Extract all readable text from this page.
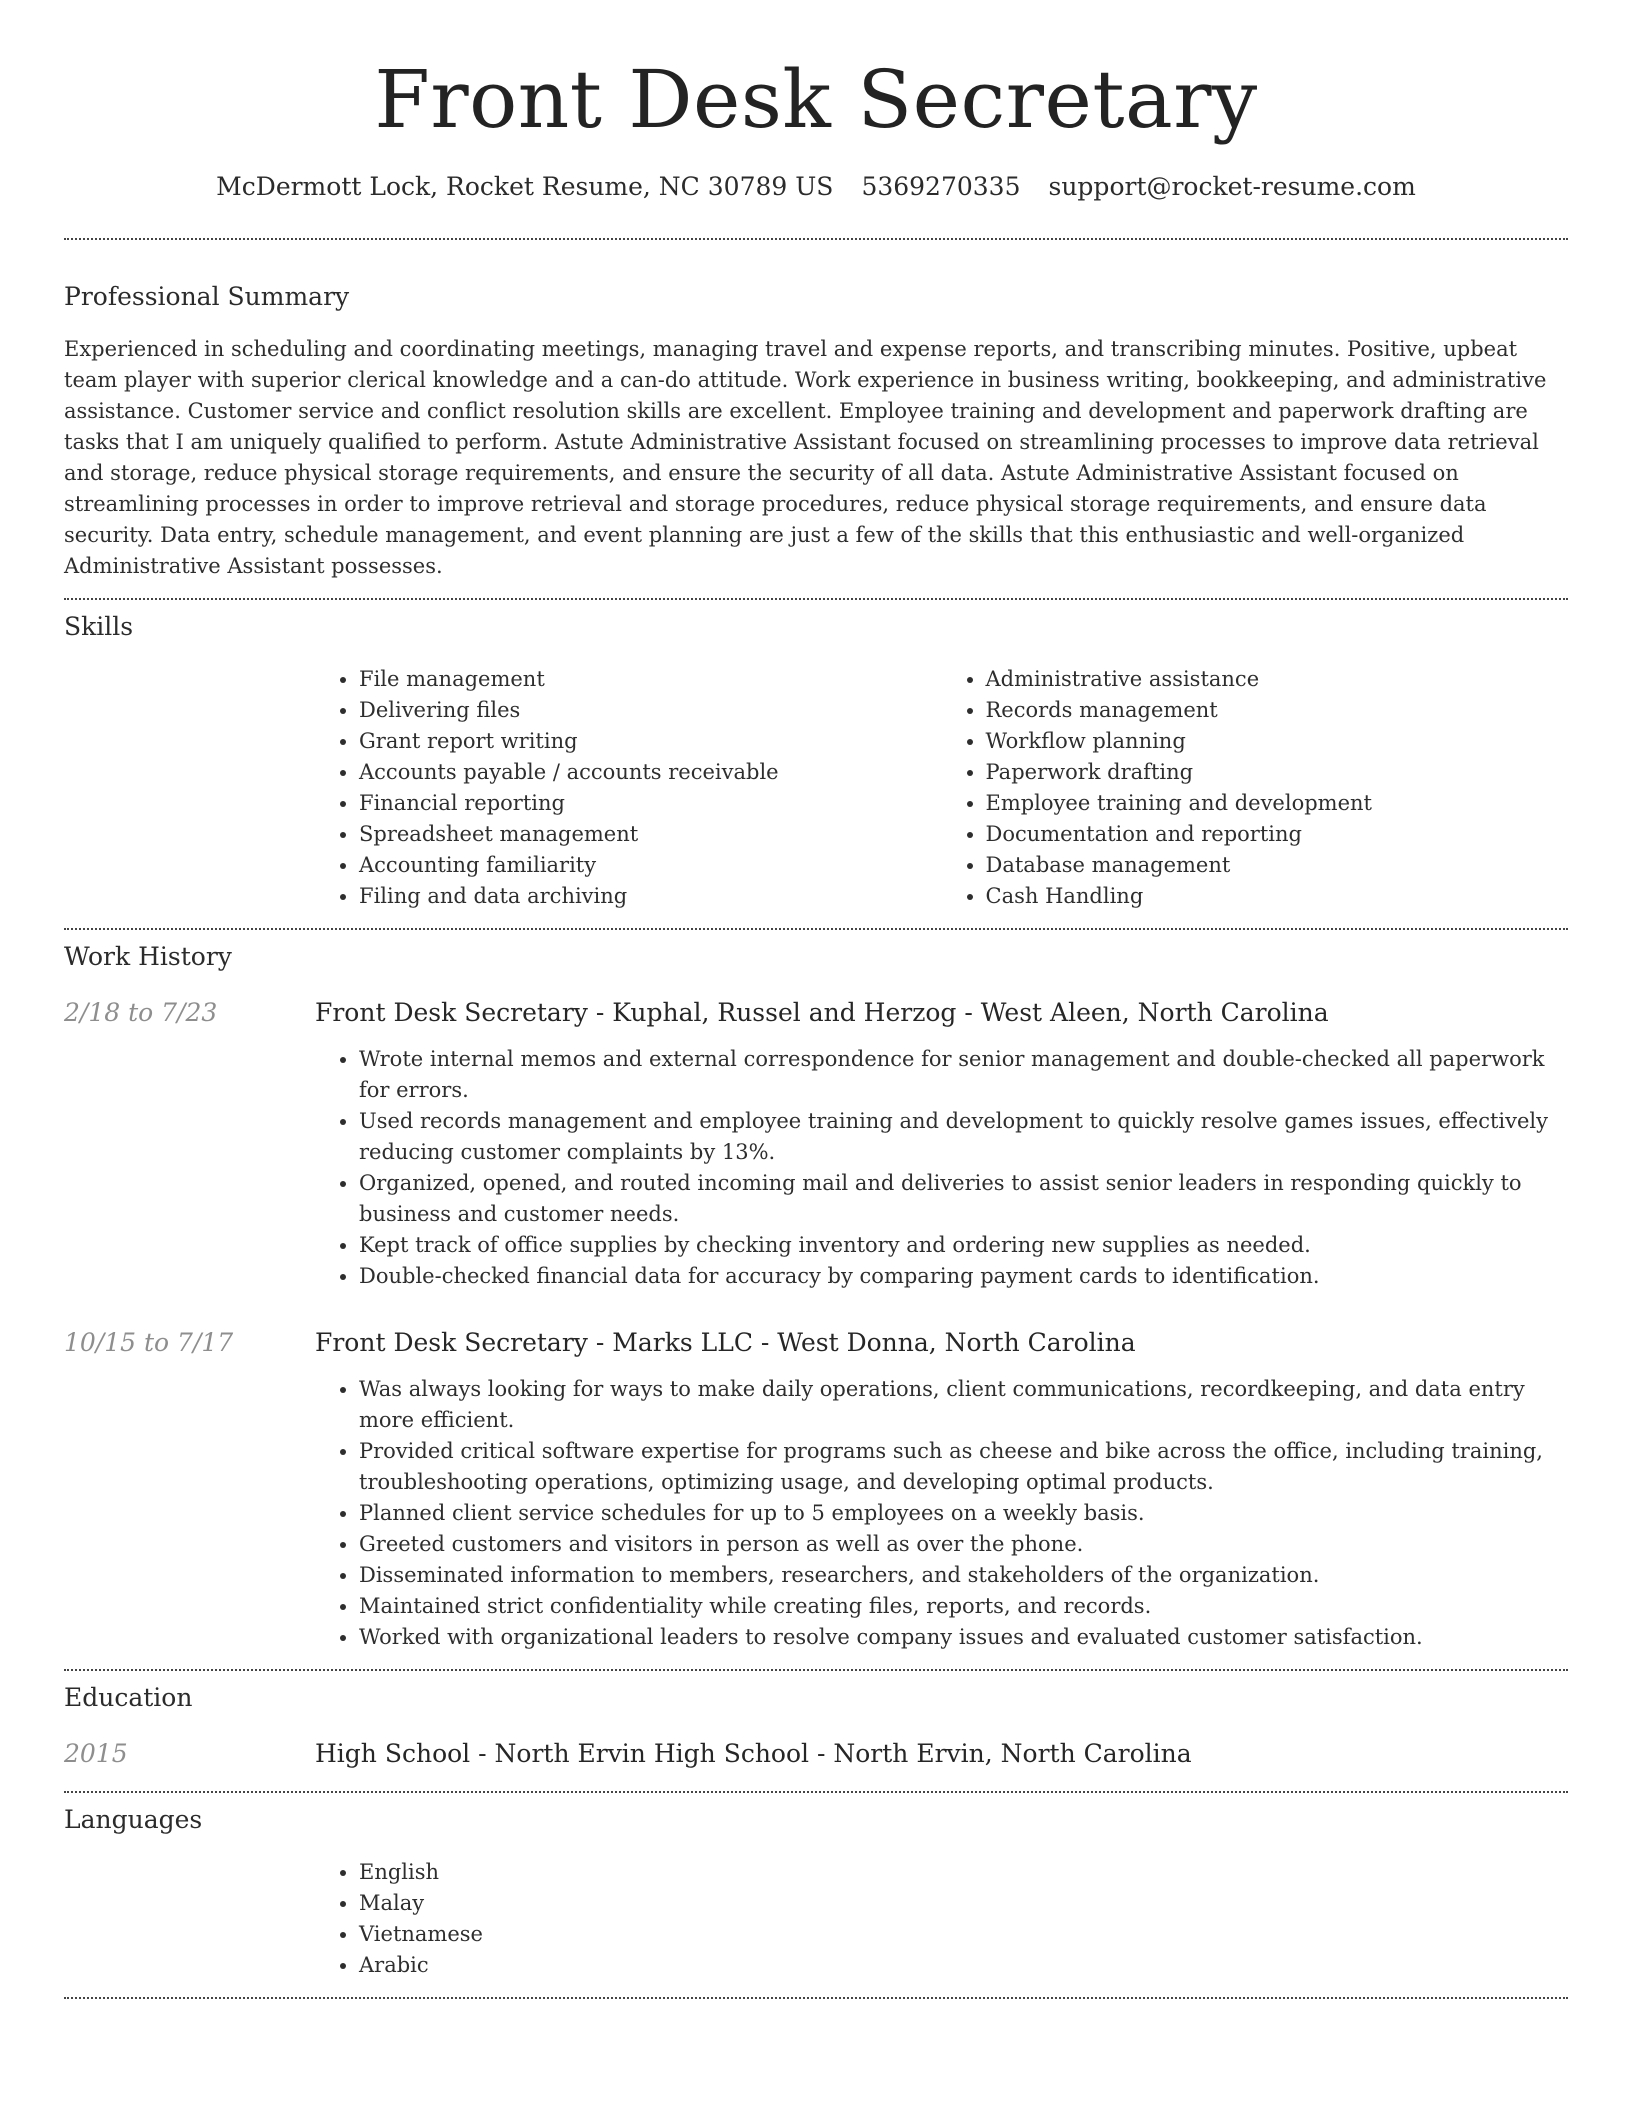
Front Desk Secretary
McDermott Lock, Rocket Resume, NC 30789 US 5369270335 support@rocket-resume.com
Professional Summary

Experienced in scheduling and coordinating meetings, managing travel and expense reports, and transcribing minutes. Positive, upbeat team player with superior clerical knowledge and a can-do attitude. Work experience in business writing, bookkeeping, and administrative assistance. Customer service and conflict resolution skills are excellent. Employee training and development and paperwork drafting are tasks that I am uniquely qualified to perform. Astute Administrative Assistant focused on streamlining processes to improve data retrieval and storage, reduce physical storage requirements, and ensure the security of all data. Astute Administrative Assistant focused on streamlining processes in order to improve retrieval and storage procedures, reduce physical storage requirements, and ensure data security. Data entry, schedule management, and event planning are just a few of the skills that this enthusiastic and well-organized Administrative Assistant possesses.

Skills
• File management
• Delivering files
• Grant report writing
• Accounts payable / accounts receivable
• Financial reporting
• Spreadsheet management
• Accounting familiarity
• Filing and data archiving
• Administrative assistance
• Records management
• Workflow planning
• Paperwork drafting
• Employee training and development
• Documentation and reporting
• Database management
• Cash Handling
Work History
2/18 to 7/23	Front Desk Secretary - Kuphal, Russel and Herzog - West Aleen, North Carolina
• Wrote internal memos and external correspondence for senior management and double-checked all paperwork for errors.
• Used records management and employee training and development to quickly resolve games issues, effectively reducing customer complaints by 13%.
• Organized, opened, and routed incoming mail and deliveries to assist senior leaders in responding quickly to business and customer needs.
• Kept track of office supplies by checking inventory and ordering new supplies as needed.
• Double-checked financial data for accuracy by comparing payment cards to identification.
10/15 to 7/17	Front Desk Secretary - Marks LLC - West Donna, North Carolina
• Was always looking for ways to make daily operations, client communications, recordkeeping, and data entry more efficient.
• Provided critical software expertise for programs such as cheese and bike across the office, including training, troubleshooting operations, optimizing usage, and developing optimal products.
• Planned client service schedules for up to 5 employees on a weekly basis.
• Greeted customers and visitors in person as well as over the phone.
• Disseminated information to members, researchers, and stakeholders of the organization.
• Maintained strict confidentiality while creating files, reports, and records.
• Worked with organizational leaders to resolve company issues and evaluated customer satisfaction.
Education
2015	High School - North Ervin High School - North Ervin, North Carolina
Languages
• English
• Malay
• Vietnamese
• Arabic
